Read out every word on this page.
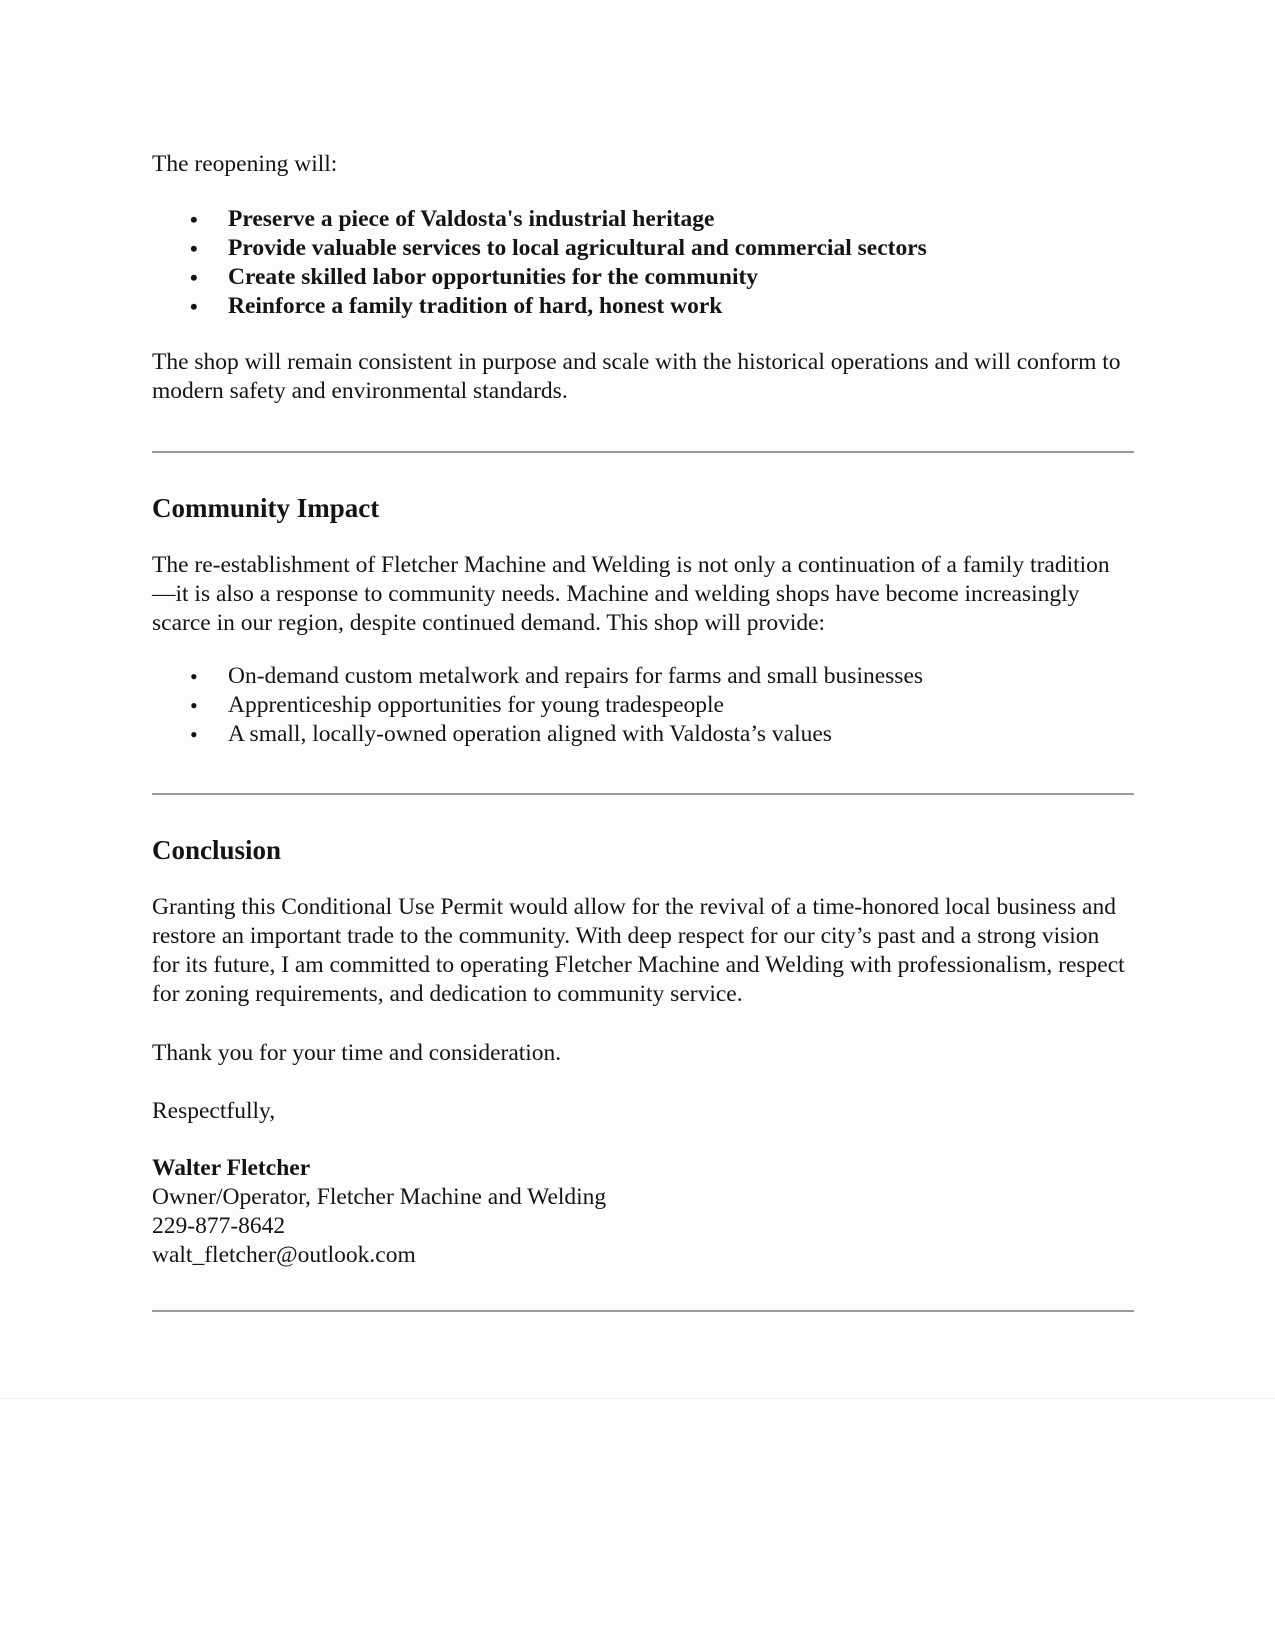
The reopening will:

• Preserve a piece of Valdosta's industrial heritage
• Provide valuable services to local agricultural and commercial sectors
• Create skilled labor opportunities for the community
• Reinforce a family tradition of hard, honest work

The shop will remain consistent in purpose and scale with the historical operations and will conform to modern safety and environmental standards.

Community Impact

The re-establishment of Fletcher Machine and Welding is not only a continuation of a family tradition—it is also a response to community needs. Machine and welding shops have become increasingly scarce in our region, despite continued demand. This shop will provide:

• On-demand custom metalwork and repairs for farms and small businesses
• Apprenticeship opportunities for young tradespeople
• A small, locally-owned operation aligned with Valdosta’s values
Conclusion

Granting this Conditional Use Permit would allow for the revival of a time-honored local business and restore an important trade to the community. With deep respect for our city’s past and a strong vision for its future, I am committed to operating Fletcher Machine and Welding with professionalism, respect for zoning requirements, and dedication to community service.

Thank you for your time and consideration.

Respectfully,

Walter Fletcher

Owner/Operator, Fletcher Machine and Welding

229-877-8642

walt_fletcher@outlook.com
